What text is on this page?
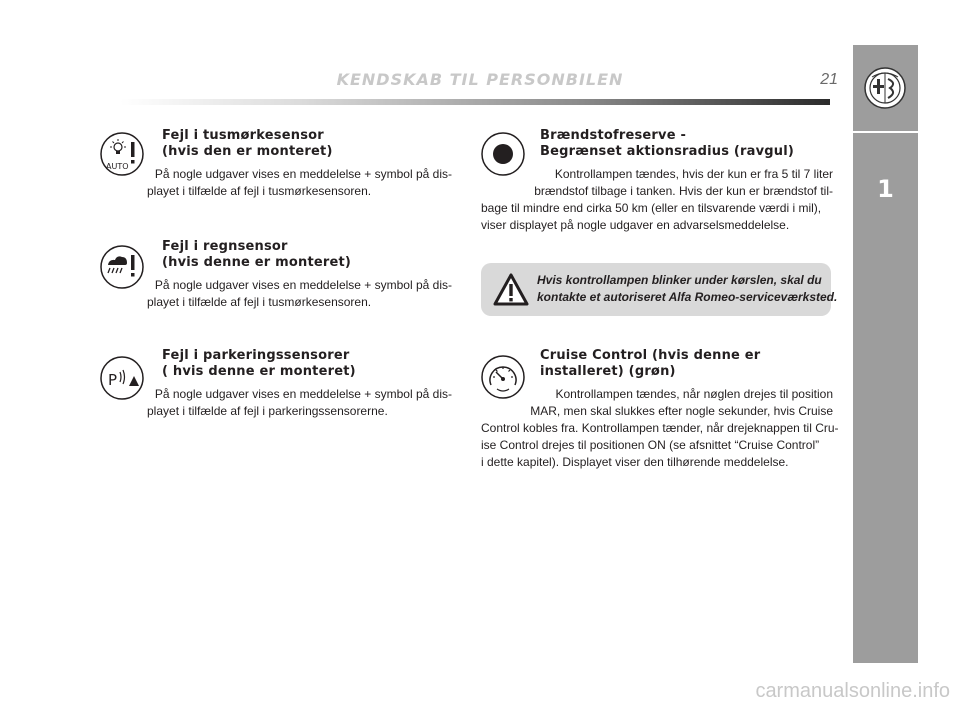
KENDSKAB TIL PERSONBILEN	21
1
AUTO
Fejl i tusmørkesensor
(hvis den er monteret)
På nogle udgaver vises en meddelelse + symbol på dis-
playet i tilfælde af fejl i tusmørkesensoren.
Fejl i regnsensor
(hvis denne er monteret)
På nogle udgaver vises en meddelelse + symbol på dis-
playet i tilfælde af fejl i tusmørkesensoren.
P
Fejl i parkeringssensorer
( hvis denne er monteret)
På nogle udgaver vises en meddelelse + symbol på dis-
playet i tilfælde af fejl i parkeringssensorerne.
Brændstofreserve -
Begrænset aktionsradius (ravgul)
Kontrollampen tændes, hvis der kun er fra 5 til 7 liter
brændstof tilbage i tanken. Hvis der kun er brændstof til-
bage til mindre end cirka 50 km (eller en tilsvarende værdi i mil),
viser displayet på nogle udgaver en advarselsmeddelelse.
Hvis kontrollampen blinker under kørslen, skal du
kontakte et autoriseret Alfa Romeo-serviceværksted.
Cruise Control (hvis denne er
installeret) (grøn)
Kontrollampen tændes, når nøglen drejes til position
MAR, men skal slukkes efter nogle sekunder, hvis Cruise
Control kobles fra. Kontrollampen tænder, når drejeknappen til Cru-
ise Control drejes til positionen ON (se afsnittet “Cruise Control”
i dette kapitel). Displayet viser den tilhørende meddelelse.
carmanualsonline.info
